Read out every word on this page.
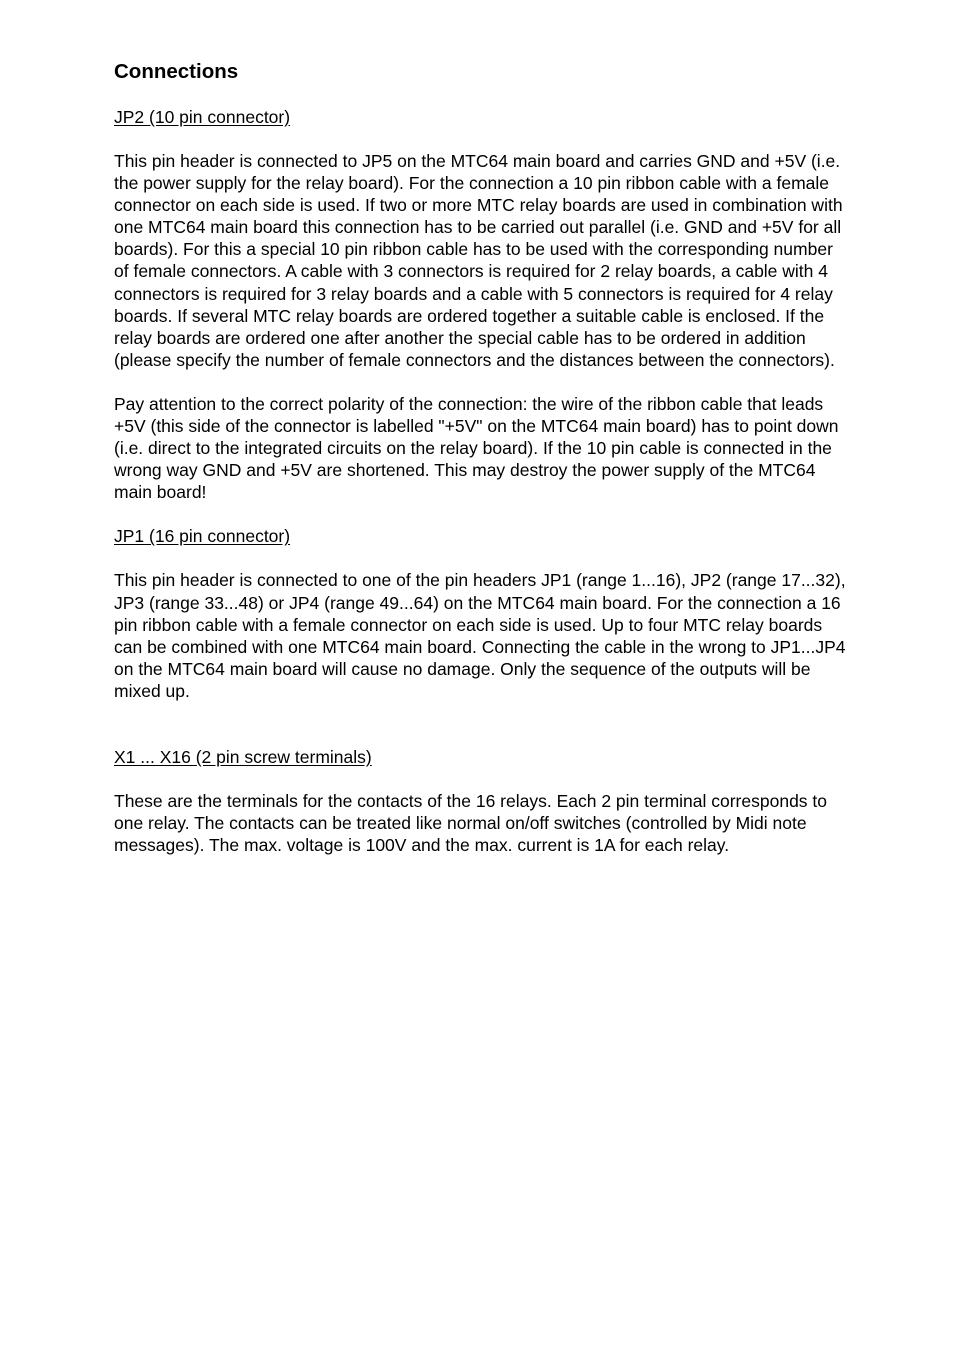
Connections
JP2 (10 pin connector)

This pin header is connected to JP5 on the MTC64 main board and carries GND and +5V (i.e. the power supply for the relay board). For the connection a 10 pin ribbon cable with a female connector on each side is used. If two or more MTC relay boards are used in combination with one MTC64 main board this connection has to be carried out parallel (i.e. GND and +5V for all boards). For this a special 10 pin ribbon cable has to be used with the corresponding number of female connectors. A cable with 3 connectors is required for 2 relay boards, a cable with 4 connectors is required for 3 relay boards and a cable with 5 connectors is required for 4 relay boards. If several MTC relay boards are ordered together a suitable cable is enclosed. If the relay boards are ordered one after another the special cable has to be ordered in addition (please specify the number of female connectors and the distances between the connectors).

Pay attention to the correct polarity of the connection: the wire of the ribbon cable that leads +5V (this side of the connector is labelled "+5V" on the MTC64 main board) has to point down (i.e. direct to the integrated circuits on the relay board). If the 10 pin cable is connected in the wrong way GND and +5V are shortened. This may destroy the power supply of the MTC64 main board!

JP1 (16 pin connector)

This pin header is connected to one of the pin headers JP1 (range 1...16), JP2 (range 17...32), JP3 (range 33...48) or JP4 (range 49...64) on the MTC64 main board. For the connection a 16 pin ribbon cable with a female connector on each side is used. Up to four MTC relay boards can be combined with one MTC64 main board. Connecting the cable in the wrong to JP1...JP4 on the MTC64 main board will cause no damage. Only the sequence of the outputs will be mixed up.

X1 ... X16 (2 pin screw terminals)

These are the terminals for the contacts of the 16 relays. Each 2 pin terminal corresponds to one relay. The contacts can be treated like normal on/off switches (controlled by Midi note messages). The max. voltage is 100V and the max. current is 1A for each relay.
